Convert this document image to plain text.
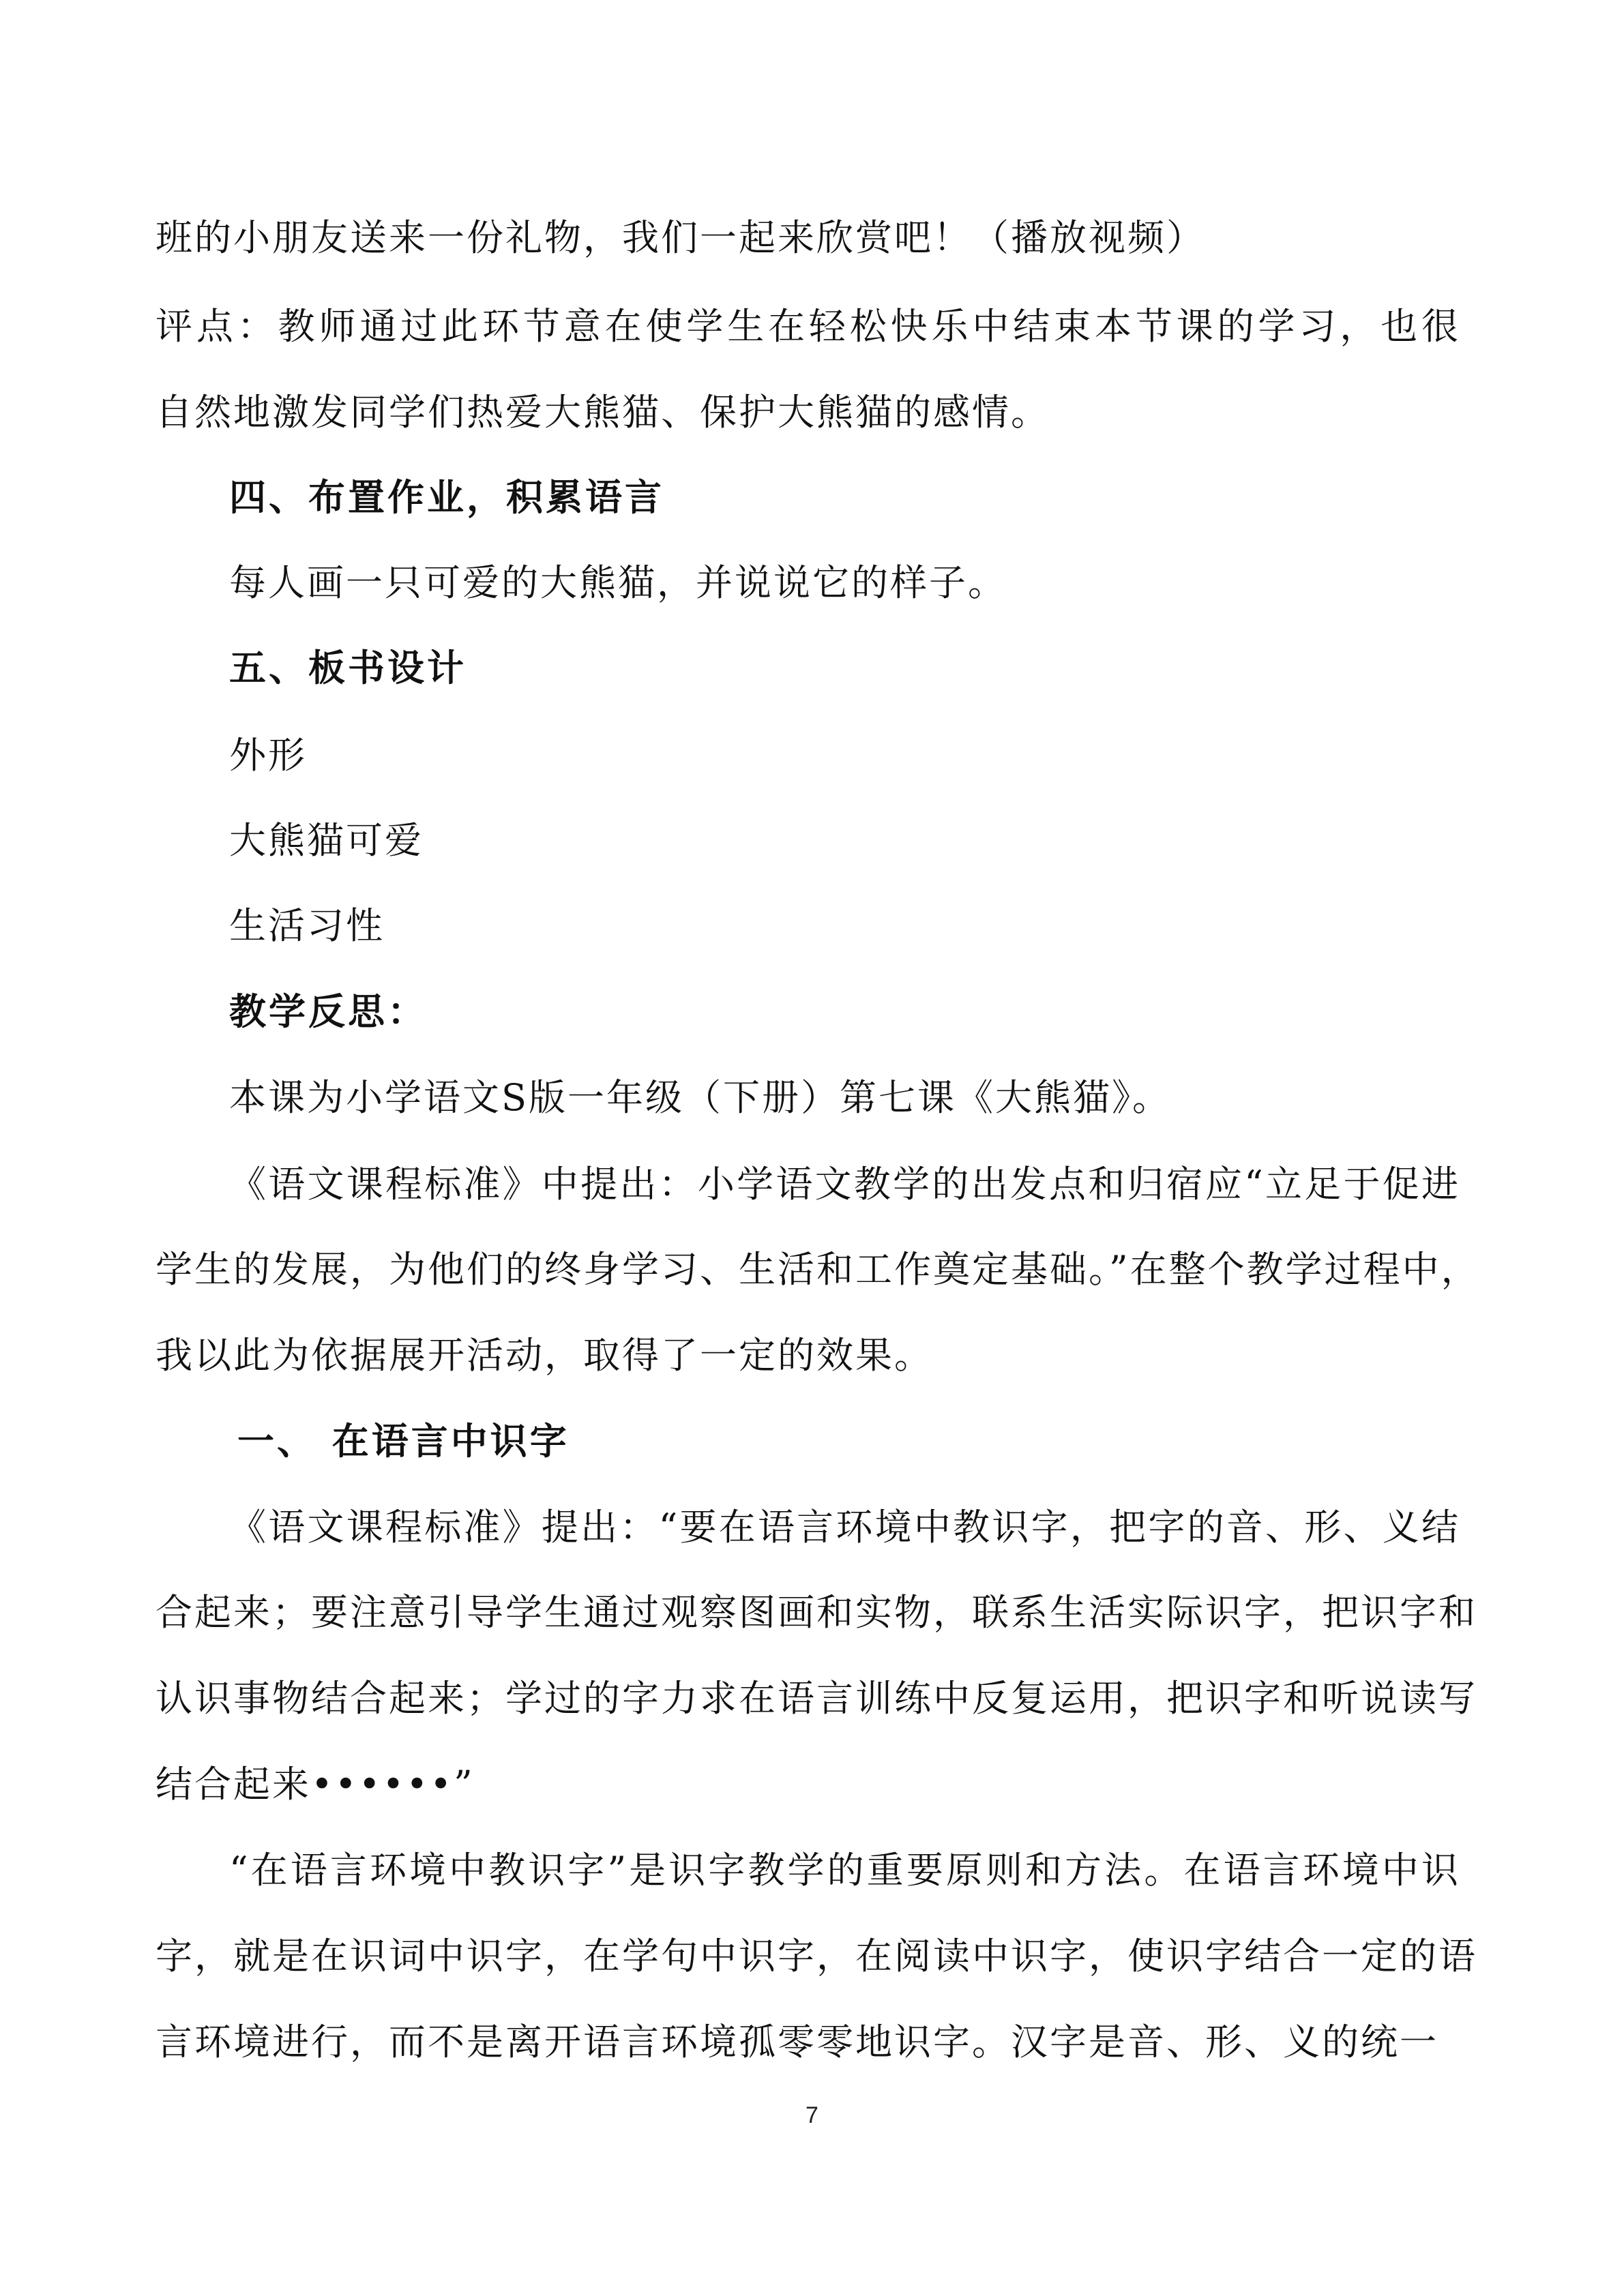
班的小朋友送来一份礼物，我们一起来欣赏吧！（播放视频）
评点：教师通过此环节意在使学生在轻松快乐中结束本节课的学习，也很
自然地激发同学们热爱大熊猫、保护大熊猫的感情。
四、布置作业，积累语言
每人画一只可爱的大熊猫，并说说它的样子。
五、板书设计
外形
大熊猫可爱
生活习性
教学反思：
本课为小学语文S版一年级（下册）第七课《大熊猫》。
《语文课程标准》中提出：小学语文教学的出发点和归宿应“立足于促进
学生的发展，为他们的终身学习、生活和工作奠定基础。”在整个教学过程中，
我以此为依据展开活动，取得了一定的效果。
一、 在语言中识字
《语文课程标准》提出：“要在语言环境中教识字，把字的音、形、义结
合起来；要注意引导学生通过观察图画和实物，联系生活实际识字，把识字和
认识事物结合起来；学过的字力求在语言训练中反复运用，把识字和听说读写
结合起来••••••”
“在语言环境中教识字”是识字教学的重要原则和方法。在语言环境中识
字，就是在识词中识字，在学句中识字，在阅读中识字，使识字结合一定的语
言环境进行，而不是离开语言环境孤零零地识字。汉字是音、形、义的统一
7
